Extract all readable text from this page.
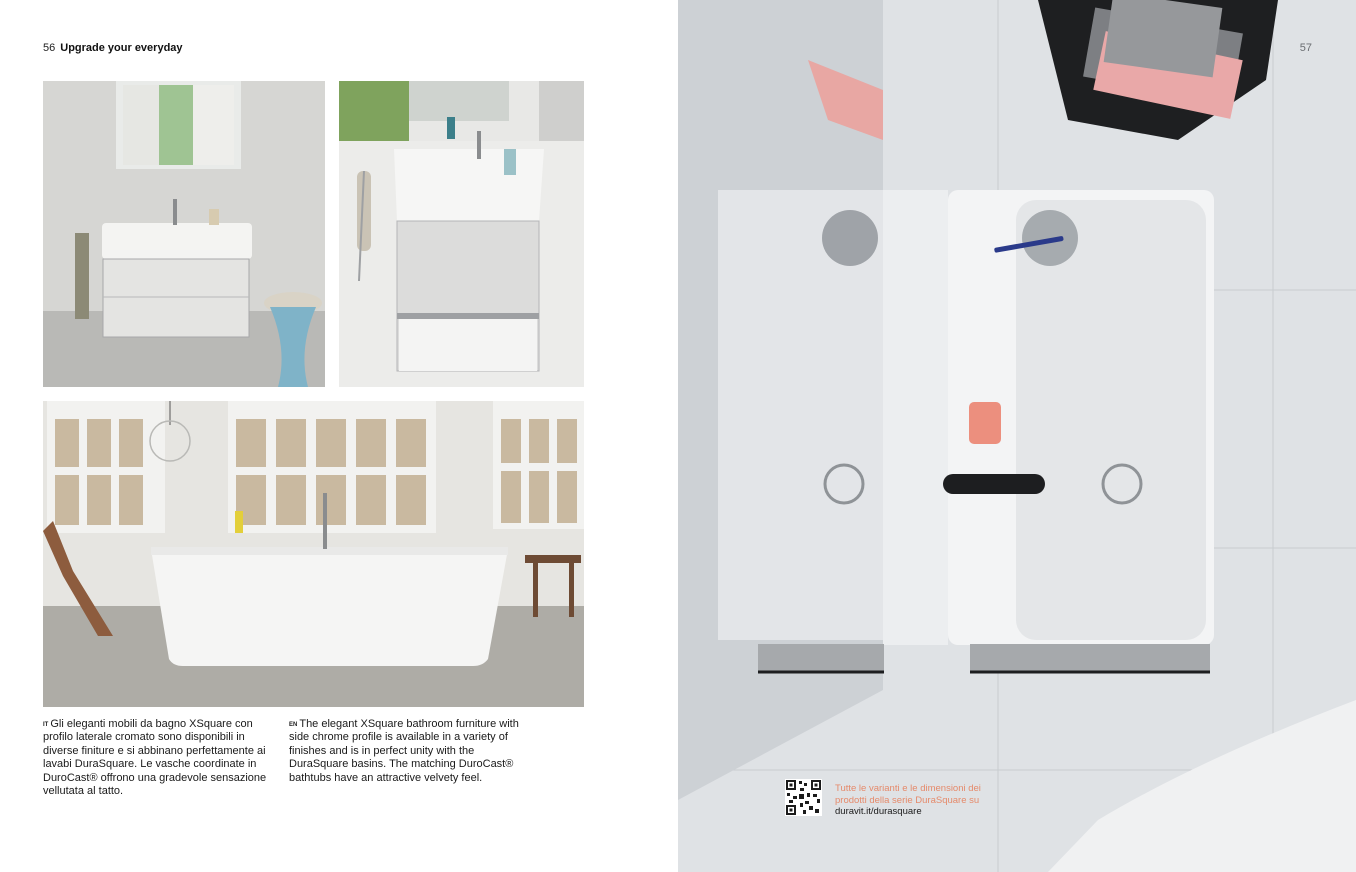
56 Upgrade your everyday
$^{IT}$ Gli eleganti mobili da bagno XSquare con profilo laterale cromato sono disponibili in diverse finiture e si abbinano perfettamente ai lavabi DuraSquare. Le vasche coordinate in DuroCast® offrono una gradevole sensazione vellutata al tatto.
$^{EN}$ The elegant XSquare bathroom furniture with side chrome profile is available in a variety of finishes and is in perfect unity with the DuraSquare basins. The matching DuroCast® bathtubs have an attractive velvety feel.
57
Tutte le varianti e le dimensioni dei
prodotti della serie DuraSquare su
duravit.it/durasquare
